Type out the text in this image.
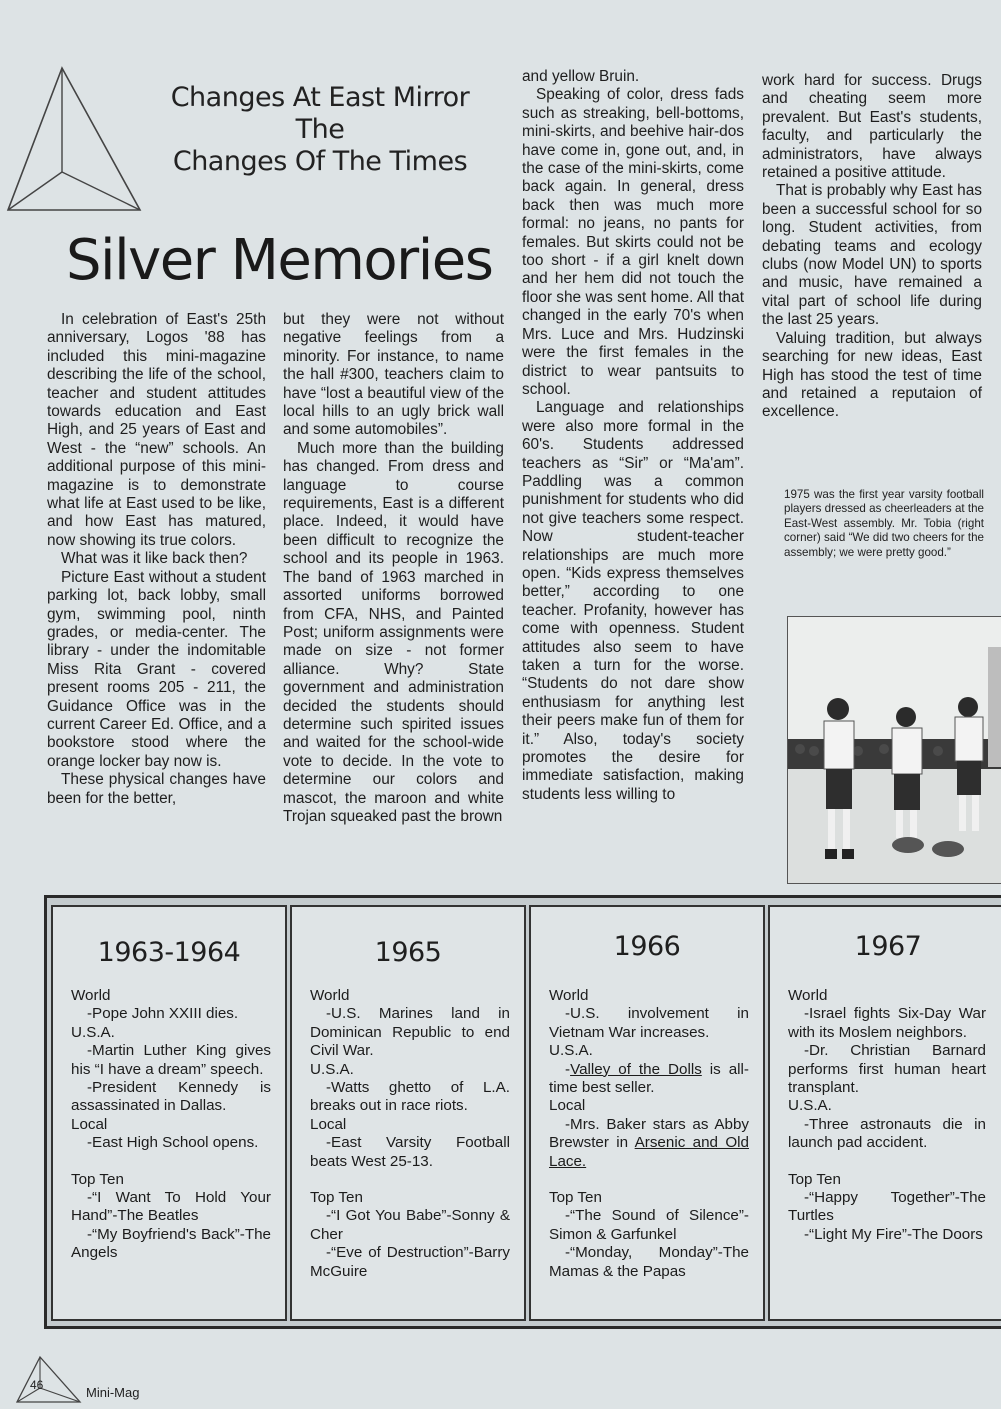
Changes At East Mirror
The
Changes Of The Times
Silver Memories

In celebration of East's 25th anniversary, Logos '88 has included this mini-magazine describing the life of the school, teacher and student attitudes towards education and East High, and 25 years of East and West - the “new” schools. An additional purpose of this mini-magazine is to demonstrate what life at East used to be like, and how East has matured, now showing its true colors.

What was it like back then?

Picture East without a student parking lot, back lobby, small gym, swimming pool, ninth grades, or media-center. The library - under the indomitable Miss Rita Grant - covered present rooms 205 - 211, the Guidance Office was in the current Career Ed. Office, and a bookstore stood where the orange locker bay now is.

These physical changes have been for the better,

but they were not without negative feelings from a minority. For instance, to name the hall #300, teachers claim to have “lost a beautiful view of the local hills to an ugly brick wall and some automobiles”.

Much more than the building has changed. From dress and language to course requirements, East is a different place. Indeed, it would have been difficult to recognize the school and its people in 1963. The band of 1963 marched in assorted uniforms borrowed from CFA, NHS, and Painted Post; uniform assignments were made on size - not former alliance. Why? State government and administration decided the students should determine such spirited issues and waited for the school-wide vote to decide. In the vote to determine our colors and mascot, the maroon and white Trojan squeaked past the brown

and yellow Bruin.

Speaking of color, dress fads such as streaking, bell-bottoms, mini-skirts, and beehive hair-dos have come in, gone out, and, in the case of the mini-skirts, come back again. In general, dress back then was much more formal: no jeans, no pants for females. But skirts could not be too short - if a girl knelt down and her hem did not touch the floor she was sent home. All that changed in the early 70's when Mrs. Luce and Mrs. Hudzinski were the first females in the district to wear pantsuits to school.

Language and relationships were also more formal in the 60's. Students addressed teachers as “Sir” or “Ma'am”. Paddling was a common punishment for students who did not give teachers some respect. Now student-teacher relationships are much more open. “Kids express themselves better,” according to one teacher. Profanity, however has come with openness. Student attitudes also seem to have taken a turn for the worse. “Students do not dare show enthusiasm for anything lest their peers make fun of them for it.” Also, today's society promotes the desire for immediate satisfaction, making students less willing to

work hard for success. Drugs and cheating seem more prevalent. But East's students, faculty, and particularly the administrators, have always retained a positive attitude.

That is probably why East has been a successful school for so long. Student activities, from debating teams and ecology clubs (now Model UN) to sports and music, have remained a vital part of school life during the last 25 years.

Valuing tradition, but always searching for new ideas, East High has stood the test of time and retained a reputaion of excellence.

1975 was the first year varsity football players dressed as cheerleaders at the East-West assembly. Mr. Tobia (right corner) said “We did two cheers for the assembly; we were pretty good.”
1963-1964
World
-Pope John XXIII dies.
U.S.A.
-Martin Luther King gives his “I have a dream” speech.
-President Kennedy is assassinated in Dallas.
Local
-East High School opens.
Top Ten
-“I Want To Hold Your Hand”-The Beatles
-“My Boyfriend's Back”-The Angels
1965
World
-U.S. Marines land in Dominican Republic to end Civil War.
U.S.A.
-Watts ghetto of L.A. breaks out in race riots.
Local
-East Varsity Football beats West 25-13.
Top Ten
-“I Got You Babe”-Sonny & Cher
-“Eve of Destruction”-Barry McGuire
1966
World
-U.S. involvement in Vietnam War increases.
U.S.A.
-Valley of the Dolls is all-time best seller.
Local
-Mrs. Baker stars as Abby Brewster in Arsenic and Old Lace.
Top Ten
-“The Sound of Silence”-Simon & Garfunkel
-“Monday, Monday”-The Mamas & the Papas
1967
World
-Israel fights Six-Day War with its Moslem neighbors.
-Dr. Christian Barnard performs first human heart transplant.
U.S.A.
-Three astronauts die in launch pad accident.
Top Ten
-“Happy Together”-The Turtles
-“Light My Fire”-The Doors
46	Mini-Mag
